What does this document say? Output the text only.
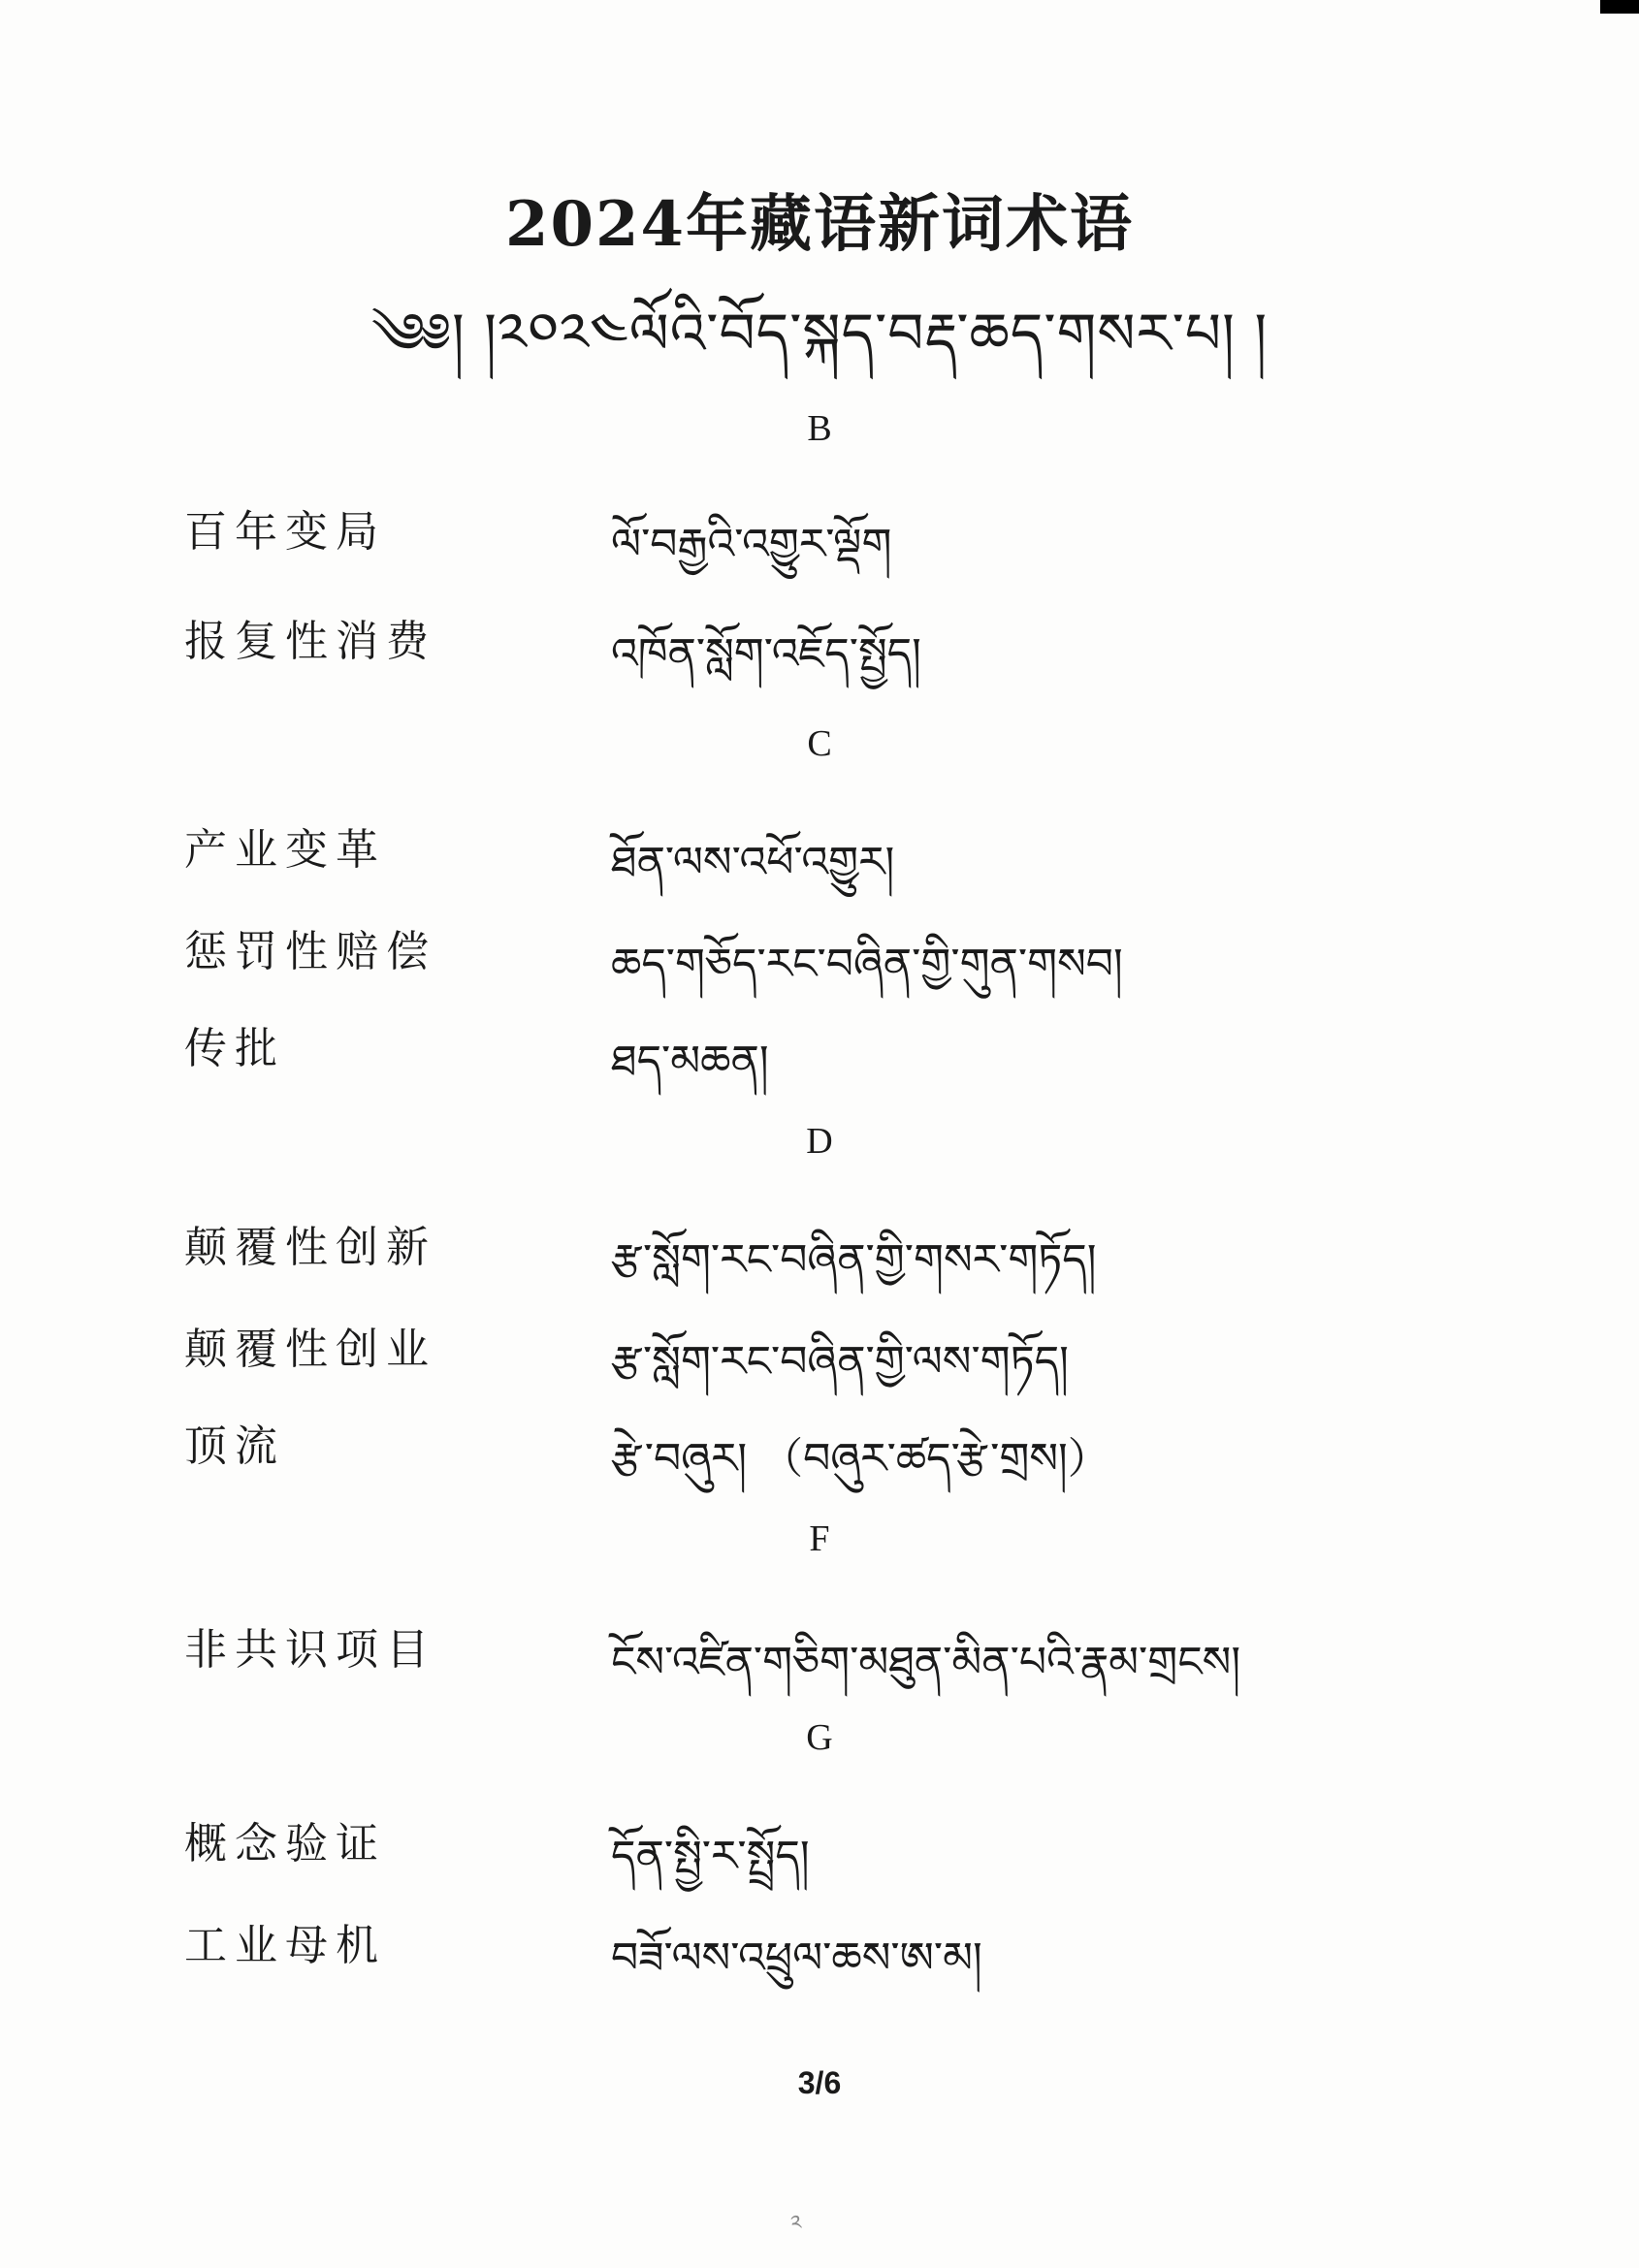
2024年藏语新词术语
༄༅། །༢༠༢༤ལོའི་བོད་སྐད་བརྡ་ཆད་གསར་པ། །
B
百年变局	ལོ་བརྒྱའི་འགྱུར་ལྡོག
报复性消费	འཁོན་སློག་འཇོད་སྤྱོད།
C
产业变革	ཐོན་ལས་འཕོ་འགྱུར།
惩罚性赔偿	ཆད་གཅོད་རང་བཞིན་གྱི་གུན་གསབ།
传批	ཐད་མཆན།
D
颠覆性创新	རྩ་སློག་རང་བཞིན་གྱི་གསར་གཏོད།
颠覆性创业	རྩ་སློག་རང་བཞིན་གྱི་ལས་གཏོད།
顶流	རྩེ་བཞུར། （བཞུར་ཚད་རྩེ་གྲས།）
F
非共识项目	ངོས་འཛིན་གཅིག་མཐུན་མིན་པའི་རྣམ་གྲངས།
G
概念验证	དོན་སྤྱི་ར་སྤྲོད།
工业母机	བཟོ་ལས་འཕྲུལ་ཆས་ཨ་མ།
3/6
༢
